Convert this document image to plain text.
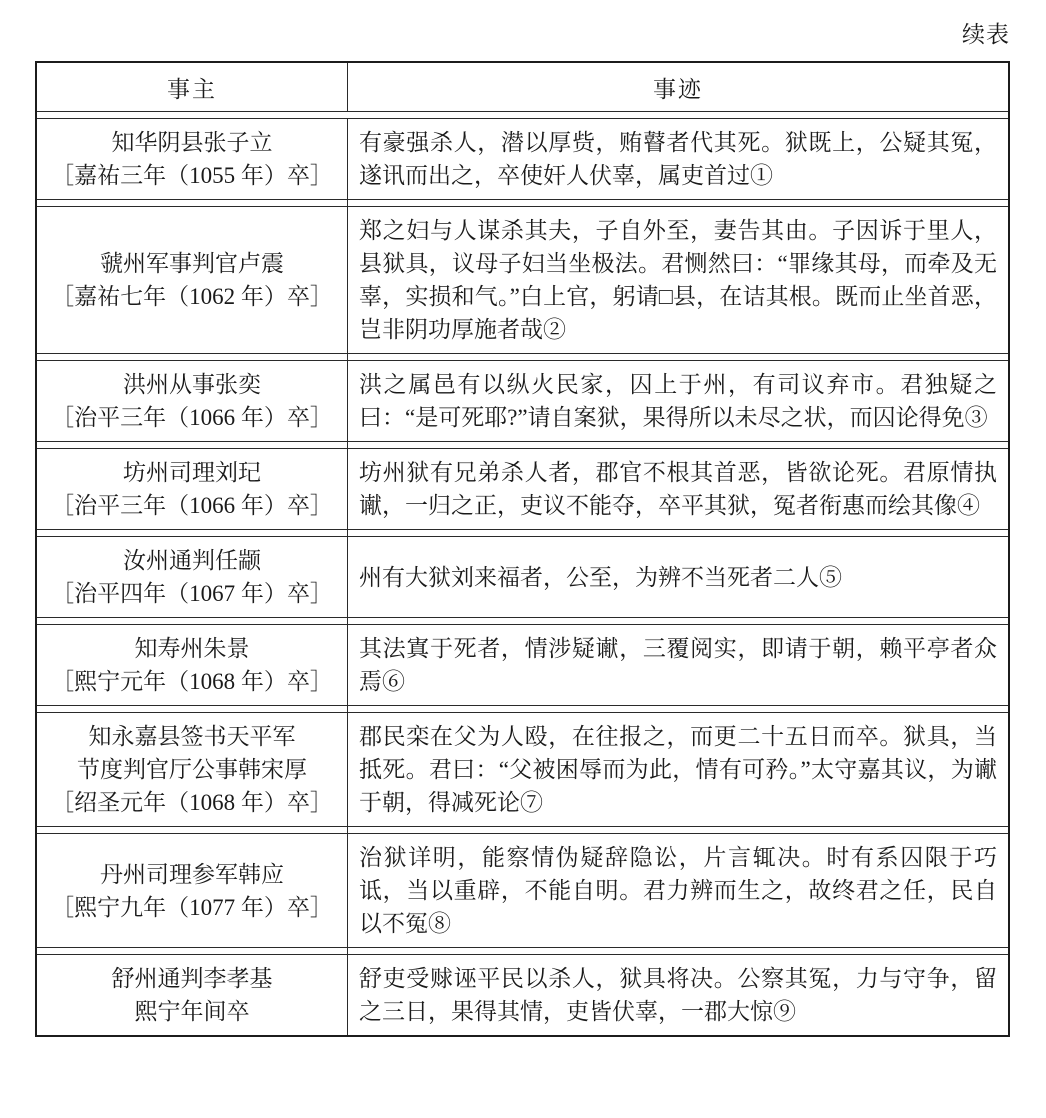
续表
事主	事迹
知华阴县张子立
［嘉祐三年（1055 年）卒］
有豪强杀人，潜以厚赀，贿瞽者代其死。狱既上，公疑其冤，遂讯而出之，卒使奸人伏辜，属吏首过①
虢州军事判官卢震
［嘉祐七年（1062 年）卒］
郑之妇与人谋杀其夫，子自外至，妻告其由。子因诉于里人，县狱具，议母子妇当坐极法。君恻然曰：“罪缘其母，而牵及无辜，实损和气。”白上官，躬请□县，在诘其根。既而止坐首恶，岂非阴功厚施者哉②
洪州从事张奕
［治平三年（1066 年）卒］
洪之属邑有以纵火民家，囚上于州，有司议弃市。君独疑之曰：“是可死耶?”请自案狱，果得所以未尽之状，而囚论得免③
坊州司理刘玘
［治平三年（1066 年）卒］
坊州狱有兄弟杀人者，郡官不根其首恶，皆欲论死。君原情执谳，一归之正，吏议不能夺，卒平其狱，冤者衔惠而绘其像④
汝州通判任颛
［治平四年（1067 年）卒］
州有大狱刘来福者，公至，为辨不当死者二人⑤
知寿州朱景
［熙宁元年（1068 年）卒］
其法寘于死者，情涉疑谳，三覆阅实，即请于朝，赖平亭者众焉⑥
知永嘉县签书天平军
节度判官厅公事韩宋厚
［绍圣元年（1068 年）卒］
郡民栾在父为人殴，在往报之，而更二十五日而卒。狱具，当抵死。君曰：“父被困辱而为此，情有可矜。”太守嘉其议，为谳于朝，得减死论⑦
丹州司理参军韩应
［熙宁九年（1077 年）卒］
治狱详明，能察情伪疑辞隐讼，片言辄决。时有系囚限于巧诋，当以重辟，不能自明。君力辨而生之，故终君之任，民自以不冤⑧
舒州通判李孝基
熙宁年间卒
舒吏受赇诬平民以杀人，狱具将决。公察其冤，力与守争，留之三日，果得其情，吏皆伏辜，一郡大惊⑨
